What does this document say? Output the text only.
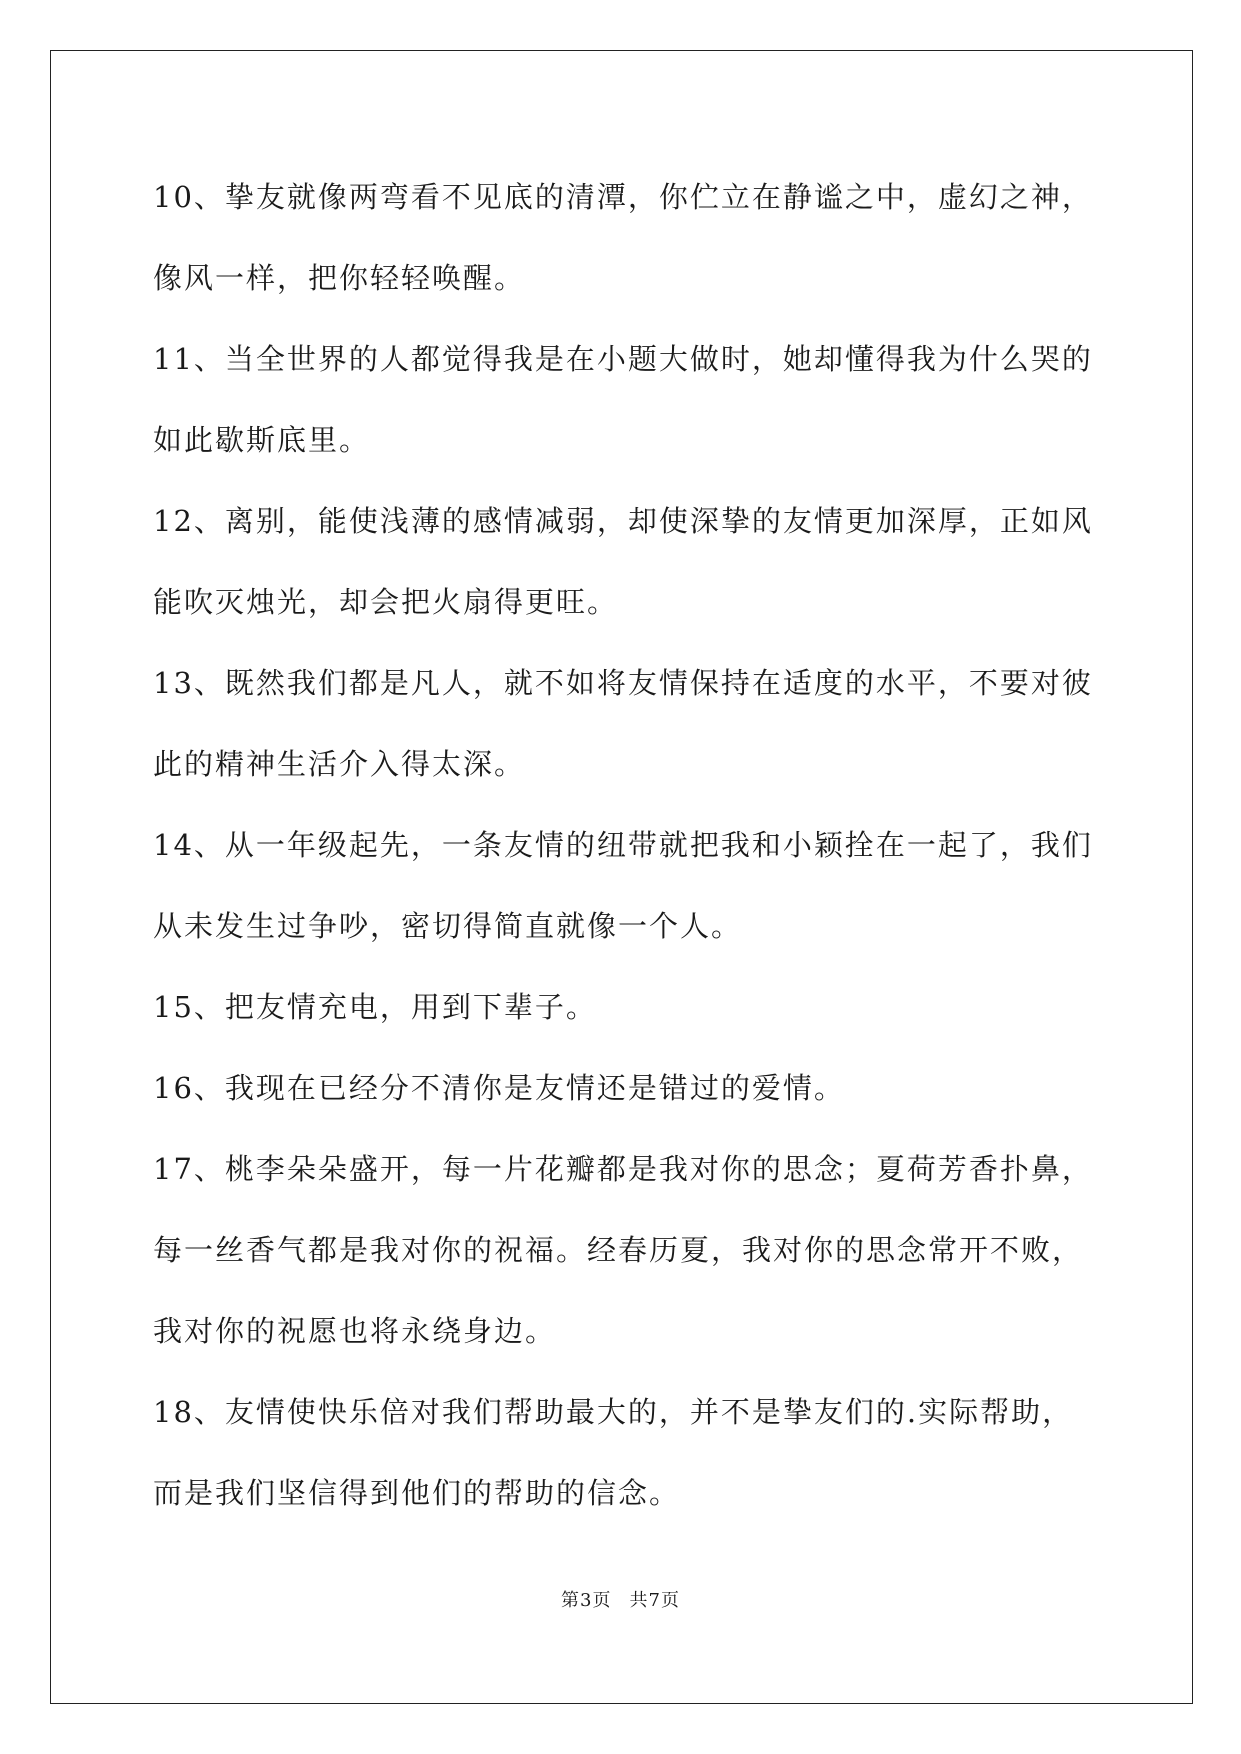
10、挚友就像两弯看不见底的清潭，你伫立在静谧之中，虚幻之神，像风一样，把你轻轻唤醒。

11、当全世界的人都觉得我是在小题大做时，她却懂得我为什么哭的如此歇斯底里。

12、离别，能使浅薄的感情减弱，却使深挚的友情更加深厚，正如风能吹灭烛光，却会把火扇得更旺。

13、既然我们都是凡人，就不如将友情保持在适度的水平，不要对彼此的精神生活介入得太深。

14、从一年级起先，一条友情的纽带就把我和小颖拴在一起了，我们从未发生过争吵，密切得简直就像一个人。

15、把友情充电，用到下辈子。

16、我现在已经分不清你是友情还是错过的爱情。

17、桃李朵朵盛开，每一片花瓣都是我对你的思念；夏荷芳香扑鼻，每一丝香气都是我对你的祝福。经春历夏，我对你的思念常开不败，我对你的祝愿也将永绕身边。

18、友情使快乐倍对我们帮助最大的，并不是挚友们的.实际帮助，而是我们坚信得到他们的帮助的信念。

第3页 共7页
